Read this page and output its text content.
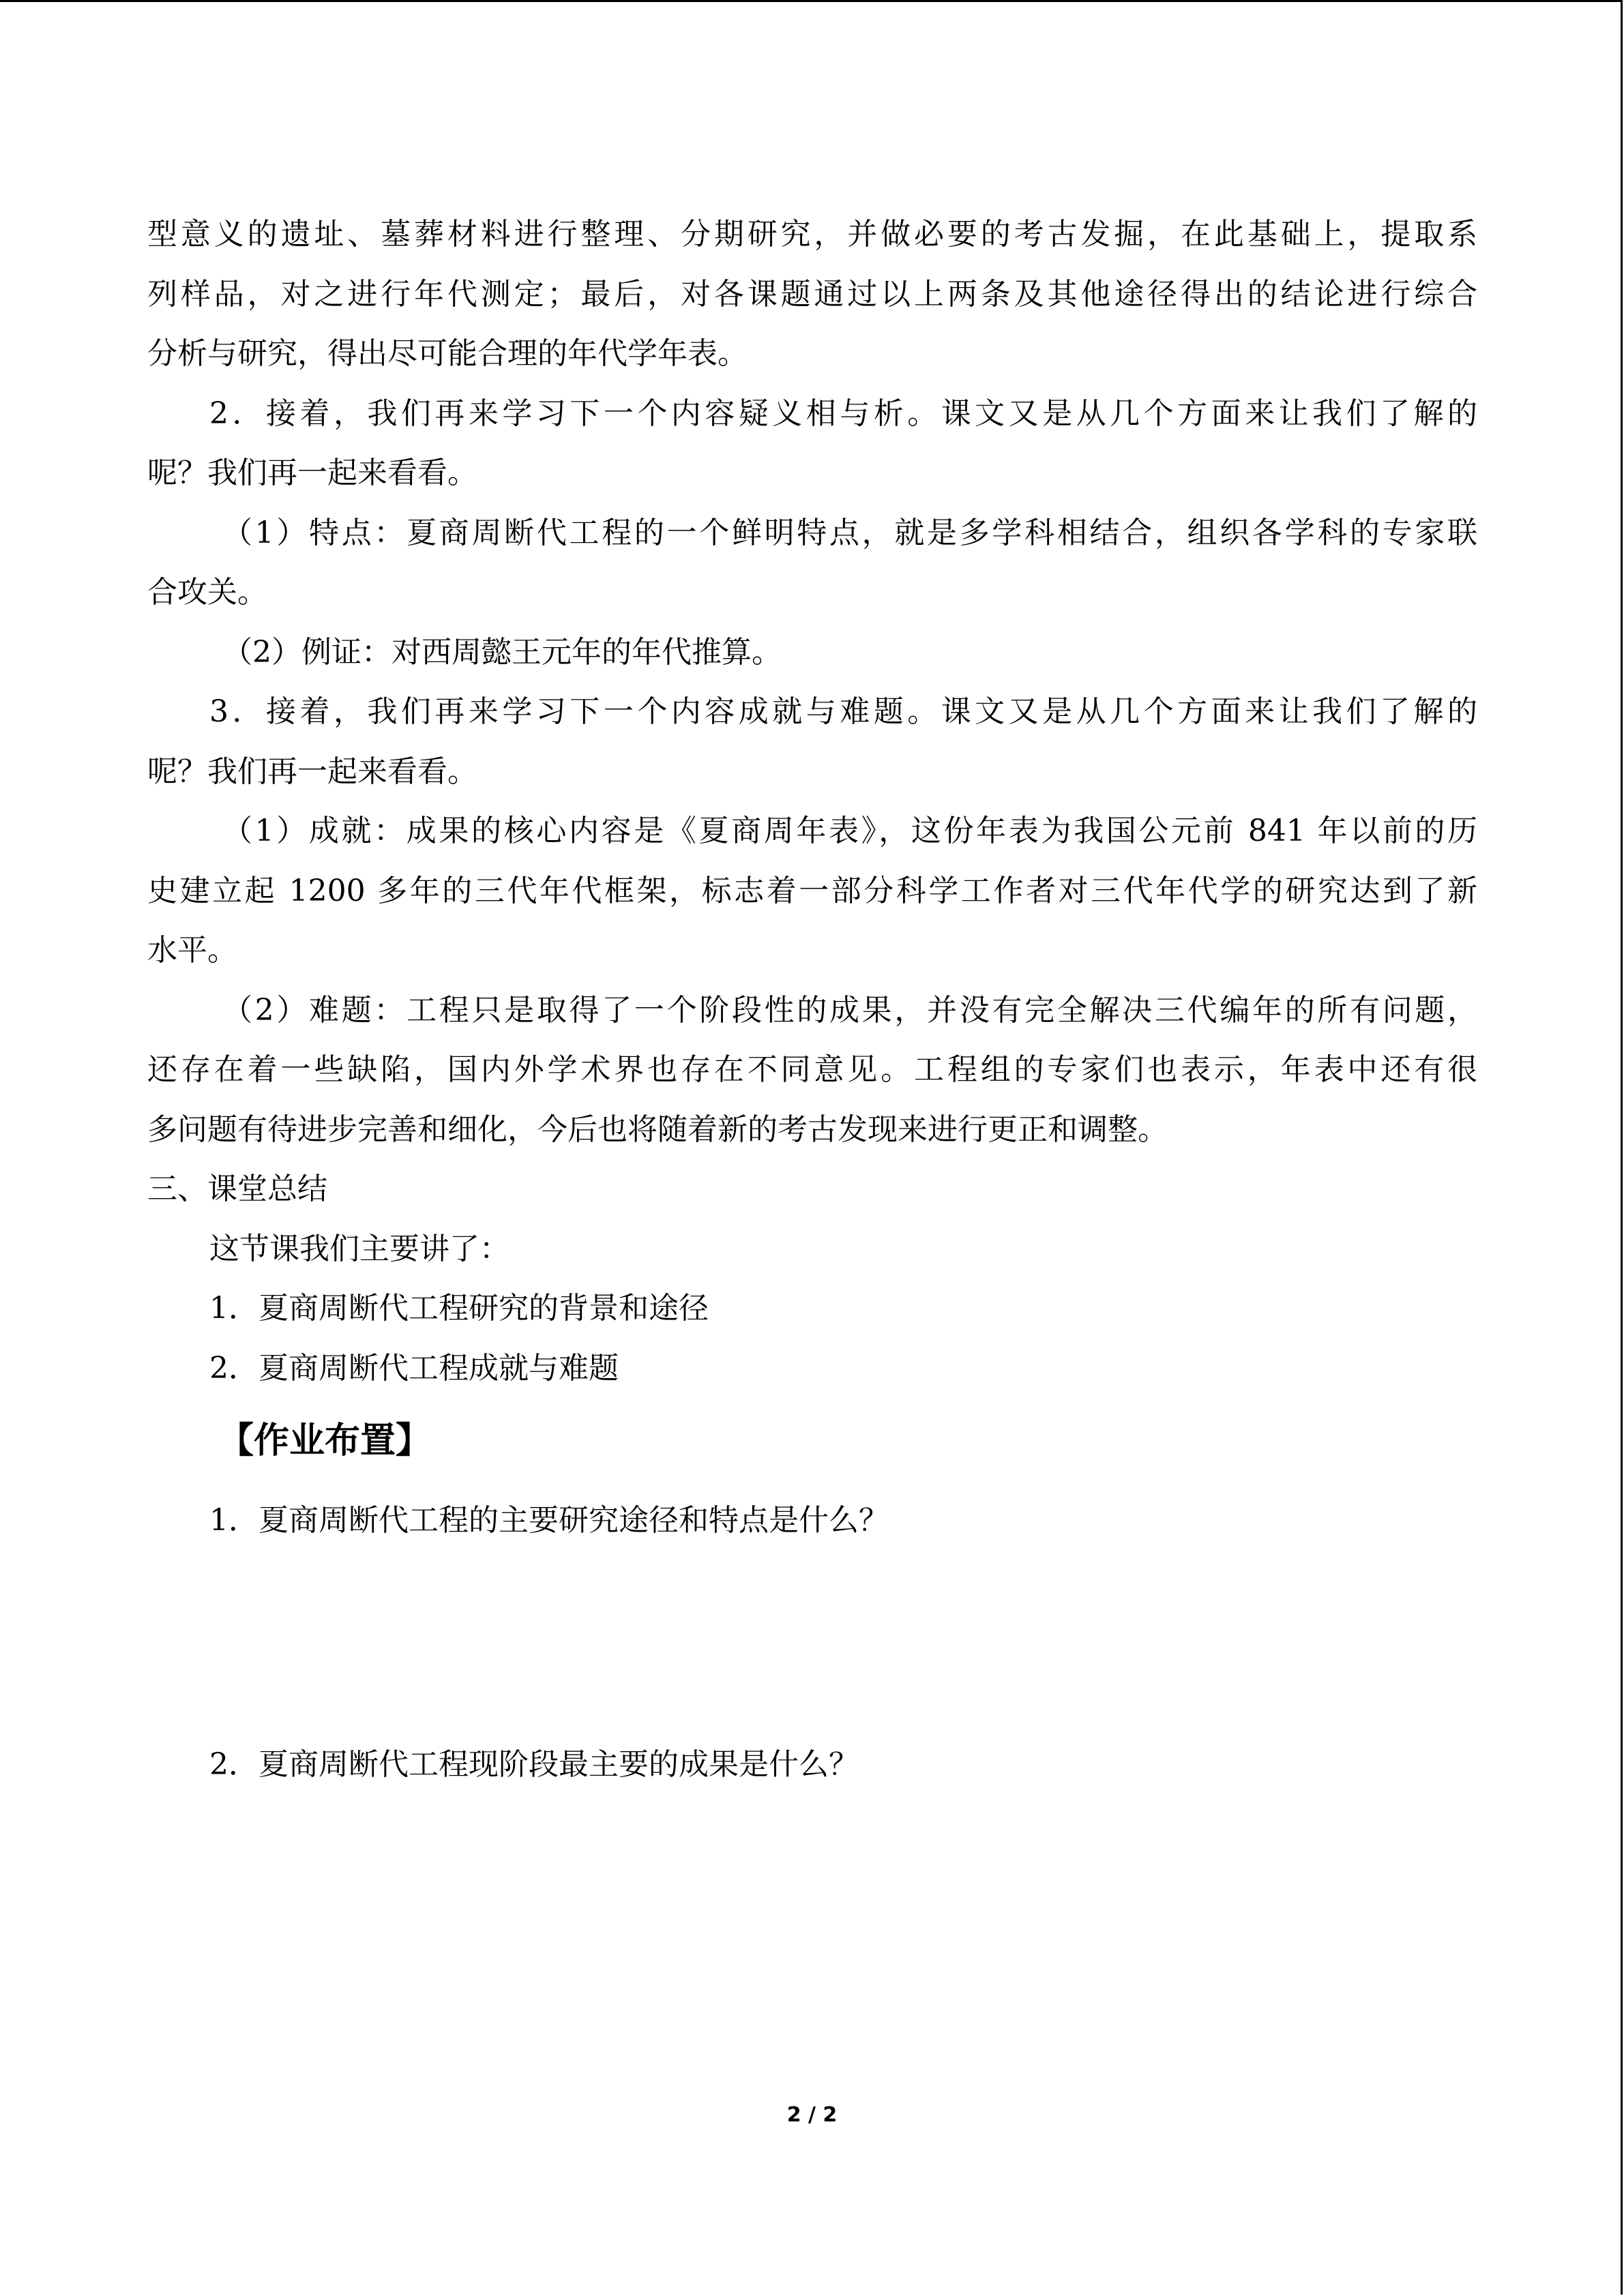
型意义的遗址、墓葬材料进行整理、分期研究，并做必要的考古发掘，在此基础上，提取系

列样品，对之进行年代测定；最后，对各课题通过以上两条及其他途径得出的结论进行综合

分析与研究，得出尽可能合理的年代学年表。

2．接着，我们再来学习下一个内容疑义相与析。课文又是从几个方面来让我们了解的

呢？我们再一起来看看。

（1）特点：夏商周断代工程的一个鲜明特点，就是多学科相结合，组织各学科的专家联

合攻关。

（2）例证：对西周懿王元年的年代推算。

3．接着，我们再来学习下一个内容成就与难题。课文又是从几个方面来让我们了解的

呢？我们再一起来看看。

（1）成就：成果的核心内容是《夏商周年表》，这份年表为我国公元前 841 年以前的历

史建立起 1200 多年的三代年代框架，标志着一部分科学工作者对三代年代学的研究达到了新

水平。

（2）难题：工程只是取得了一个阶段性的成果，并没有完全解决三代编年的所有问题，

还存在着一些缺陷，国内外学术界也存在不同意见。工程组的专家们也表示，年表中还有很

多问题有待进步完善和细化，今后也将随着新的考古发现来进行更正和调整。

三、课堂总结

这节课我们主要讲了：

1．夏商周断代工程研究的背景和途径

2．夏商周断代工程成就与难题

【作业布置】

1．夏商周断代工程的主要研究途径和特点是什么？

2．夏商周断代工程现阶段最主要的成果是什么？

2 / 2
